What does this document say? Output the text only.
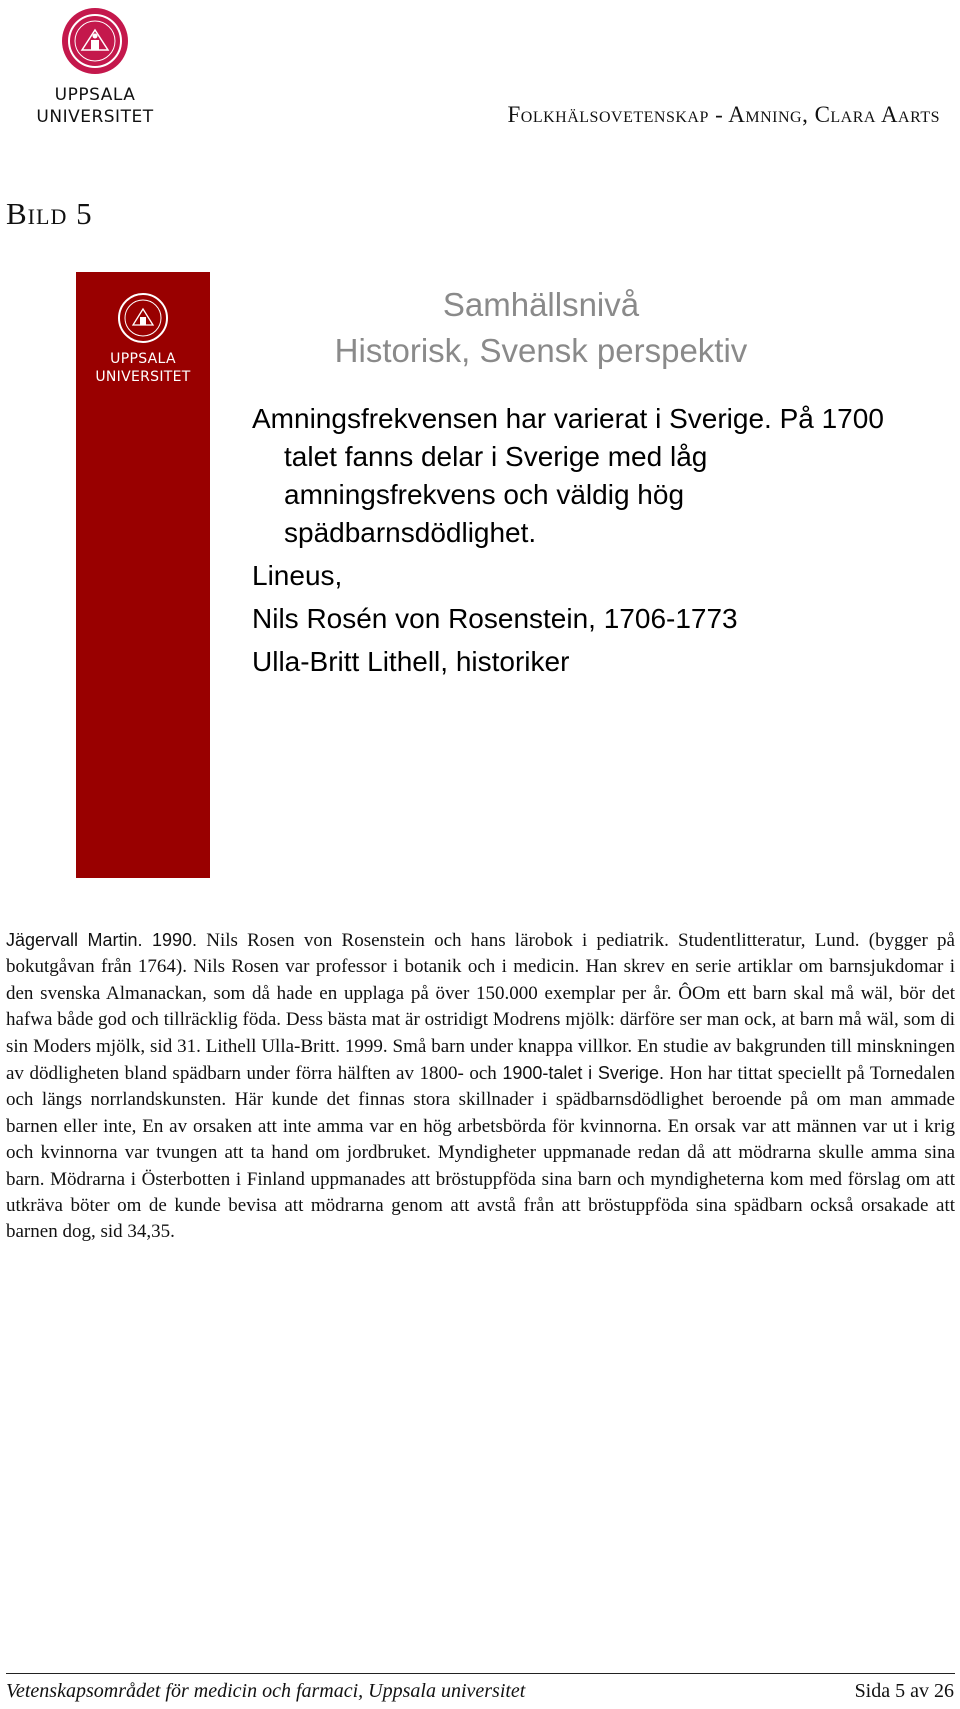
UPPSALA
UNIVERSITET	Folkhälsovetenskap - Amning, Clara Aarts
Bild 5
UPPSALA
UNIVERSITET
Samhällsnivå
Historisk, Svensk perspektiv

Amningsfrekvensen har varierat i Sverige. På 1700 talet fanns delar i Sverige med låg amningsfrekvens och väldig hög spädbarnsdödlighet.

Lineus,

Nils Rosén von Rosenstein, 1706-1773

Ulla-Britt Lithell, historiker

Jägervall Martin. 1990. Nils Rosen von Rosenstein och hans lärobok i pediatrik. Studentlitteratur, Lund. (bygger på bokutgåvan från 1764). Nils Rosen var professor i botanik och i medicin. Han skrev en serie artiklar om barnsjukdomar i den svenska Almanackan, som då hade en upplaga på över 150.000 exemplar per år. ÔOm ett barn skal må wäl, bör det hafwa både god och tillräcklig föda. Dess bästa mat är ostridigt Modrens mjölk: därföre ser man ock, at barn må wäl, som di sin Moders mjölk, sid 31. Lithell Ulla-Britt. 1999. Små barn under knappa villkor. En studie av bakgrunden till minskningen av dödligheten bland spädbarn under förra hälften av 1800- och 1900-talet i Sverige. Hon har tittat speciellt på Tornedalen och längs norrlandskunsten. Här kunde det finnas stora skillnader i spädbarnsdödlighet beroende på om man ammade barnen eller inte, En av orsaken att inte amma var en hög arbetsbörda för kvinnorna. En orsak var att männen var ut i krig och kvinnorna var tvungen att ta hand om jordbruket. Myndigheter uppmanade redan då att mödrarna skulle amma sina barn. Mödrarna i Österbotten i Finland uppmanades att bröstuppföda sina barn och myndigheterna kom med förslag om att utkräva böter om de kunde bevisa att mödrarna genom att avstå från att bröstuppföda sina spädbarn också orsakade att barnen dog, sid 34,35.
Vetenskapsområdet för medicin och farmaci, Uppsala universitet	Sida 5 av 26
